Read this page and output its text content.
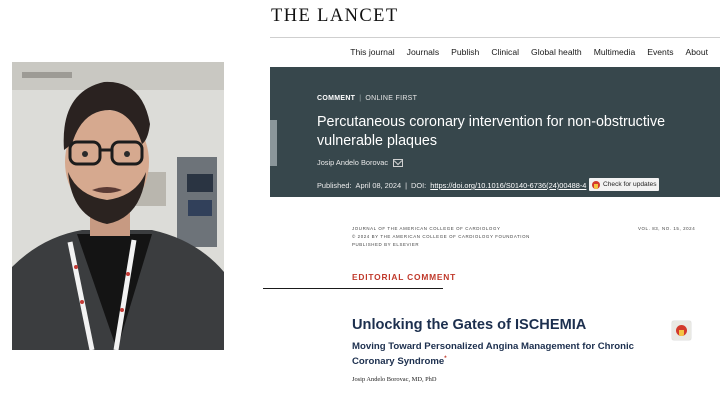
THE LANCET
This journal Journals Publish Clinical Global health Multimedia Events About
COMMENT | ONLINE FIRST
Percutaneous coronary intervention for non-obstructive vulnerable plaques
Josip Andelo Borovac
Published: April 08, 2024 | DOI: https://doi.org/10.1016/S0140-6736(24)00488-4	Check for updates
JOURNAL OF THE AMERICAN COLLEGE OF CARDIOLOGY
© 2024 BY THE AMERICAN COLLEGE OF CARDIOLOGY FOUNDATION
PUBLISHED BY ELSEVIER
VOL. 83, NO. 15, 2024
EDITORIAL COMMENT
Unlocking the Gates of ISCHEMIA
Moving Toward Personalized Angina Management for Chronic Coronary Syndrome*
Josip Andelo Borovac, MD, PhD
